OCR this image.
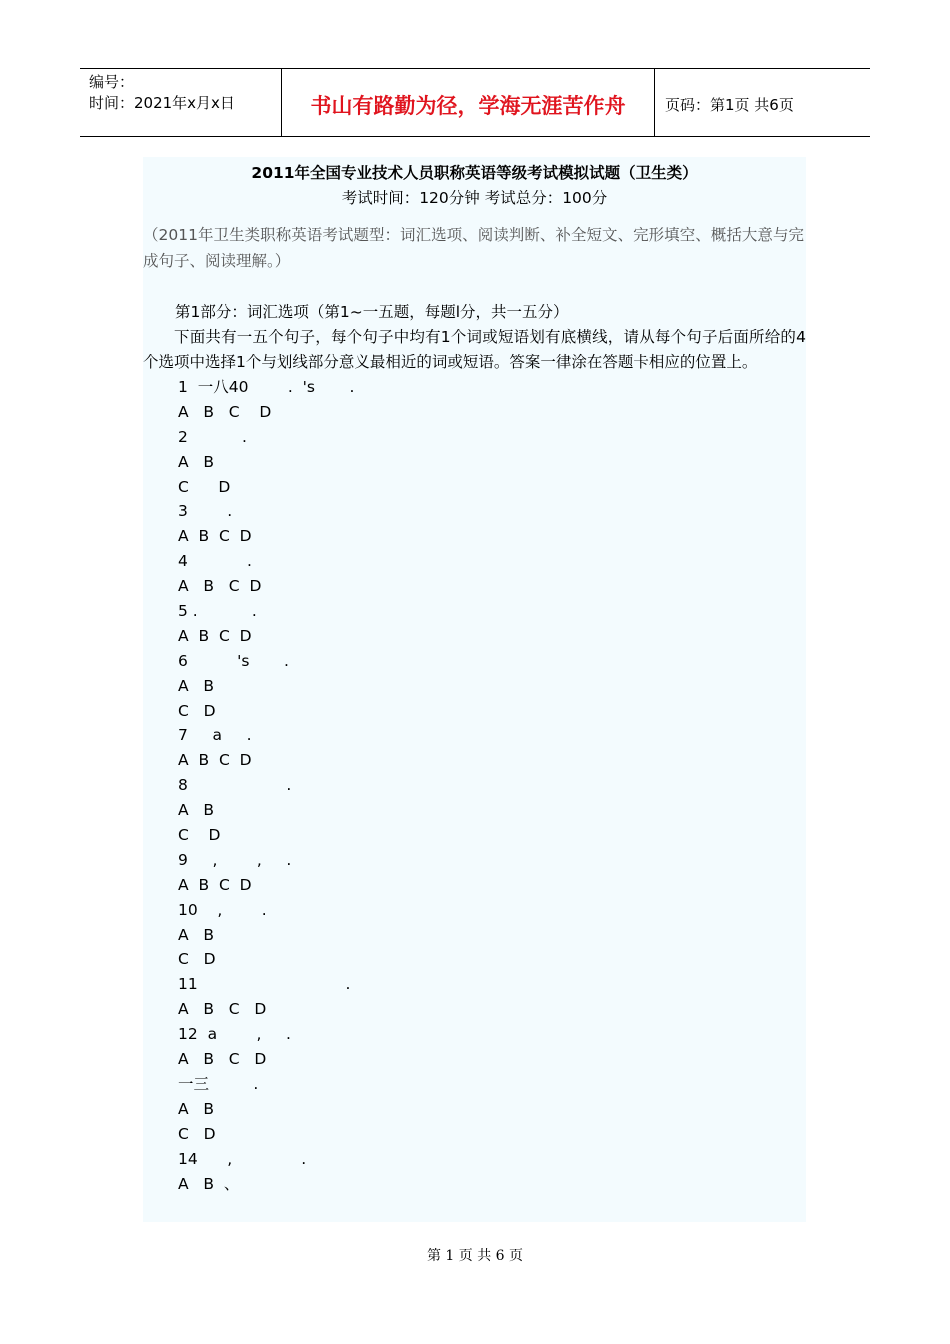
编号：
时间：2021年x月x日	书山有路勤为径，学海无涯苦作舟	页码：第1页 共6页
2011年全国专业技术人员职称英语等级考试模拟试题（卫生类）
考试时间：120分钟 考试总分：100分
（2011年卫生类职称英语考试题型：词汇选项、阅读判断、补全短文、完形填空、概括大意与完成句子、阅读理解。）
第1部分：词汇选项（第1~一五题，每题l分，共一五分）
下面共有一五个句子，每个句子中均有1个词或短语划有底横线，请从每个句子后面所给的4个选项中选择1个与划线部分意义最相近的词或短语。答案一律涂在答题卡相应的位置上。
1  一八40        .  's       .
A   B   C    D
2           .
A   B
C      D
3        .
A  B  C  D
4            .
A   B   C  D
5 .           .
A  B  C  D
6          's       .
A   B
C   D
7     a     .
A  B  C  D
8                    .
A   B
C    D
9     ,        ,     .
A  B  C  D
10    ,        .
A   B
C   D
11                              .
A   B   C   D
12  a        ,     .
A   B   C   D
一三         .
A   B
C   D
14      ,              .
A   B  、
第 1 页 共 6 页
